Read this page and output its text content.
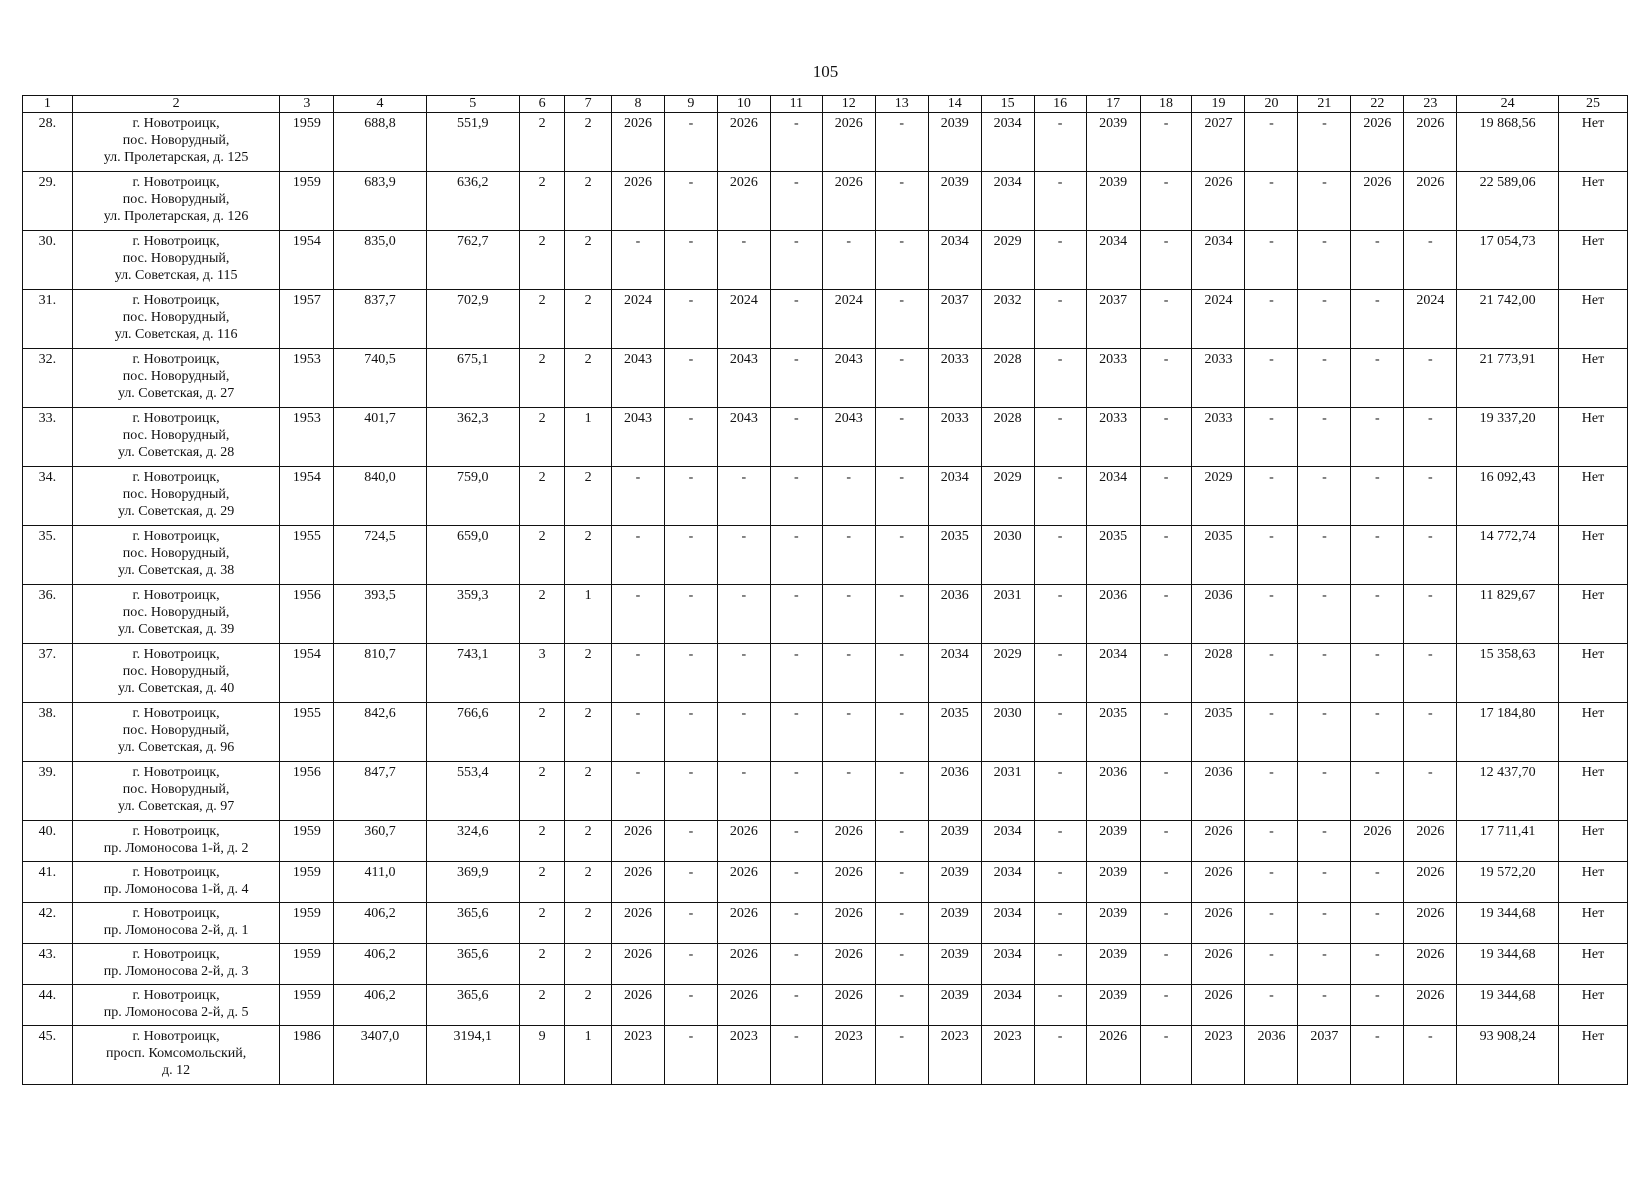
105
1	2	3	4	5	6	7	8	9	10	11	12	13	14	15	16	17	18	19	20	21	22	23	24	25
28.	г. Новотроицк,
пос. Новорудный,
ул. Пролетарская, д. 125	1959	688,8	551,9	2	2	2026	-	2026	-	2026	-	2039	2034	-	2039	-	2027	-	-	2026	2026	19 868,56	Нет
29.	г. Новотроицк,
пос. Новорудный,
ул. Пролетарская, д. 126	1959	683,9	636,2	2	2	2026	-	2026	-	2026	-	2039	2034	-	2039	-	2026	-	-	2026	2026	22 589,06	Нет
30.	г. Новотроицк,
пос. Новорудный,
ул. Советская, д. 115	1954	835,0	762,7	2	2	-	-	-	-	-	-	2034	2029	-	2034	-	2034	-	-	-	-	17 054,73	Нет
31.	г. Новотроицк,
пос. Новорудный,
ул. Советская, д. 116	1957	837,7	702,9	2	2	2024	-	2024	-	2024	-	2037	2032	-	2037	-	2024	-	-	-	2024	21 742,00	Нет
32.	г. Новотроицк,
пос. Новорудный,
ул. Советская, д. 27	1953	740,5	675,1	2	2	2043	-	2043	-	2043	-	2033	2028	-	2033	-	2033	-	-	-	-	21 773,91	Нет
33.	г. Новотроицк,
пос. Новорудный,
ул. Советская, д. 28	1953	401,7	362,3	2	1	2043	-	2043	-	2043	-	2033	2028	-	2033	-	2033	-	-	-	-	19 337,20	Нет
34.	г. Новотроицк,
пос. Новорудный,
ул. Советская, д. 29	1954	840,0	759,0	2	2	-	-	-	-	-	-	2034	2029	-	2034	-	2029	-	-	-	-	16 092,43	Нет
35.	г. Новотроицк,
пос. Новорудный,
ул. Советская, д. 38	1955	724,5	659,0	2	2	-	-	-	-	-	-	2035	2030	-	2035	-	2035	-	-	-	-	14 772,74	Нет
36.	г. Новотроицк,
пос. Новорудный,
ул. Советская, д. 39	1956	393,5	359,3	2	1	-	-	-	-	-	-	2036	2031	-	2036	-	2036	-	-	-	-	11 829,67	Нет
37.	г. Новотроицк,
пос. Новорудный,
ул. Советская, д. 40	1954	810,7	743,1	3	2	-	-	-	-	-	-	2034	2029	-	2034	-	2028	-	-	-	-	15 358,63	Нет
38.	г. Новотроицк,
пос. Новорудный,
ул. Советская, д. 96	1955	842,6	766,6	2	2	-	-	-	-	-	-	2035	2030	-	2035	-	2035	-	-	-	-	17 184,80	Нет
39.	г. Новотроицк,
пос. Новорудный,
ул. Советская, д. 97	1956	847,7	553,4	2	2	-	-	-	-	-	-	2036	2031	-	2036	-	2036	-	-	-	-	12 437,70	Нет
40.	г. Новотроицк,
пр. Ломоносова 1-й, д. 2	1959	360,7	324,6	2	2	2026	-	2026	-	2026	-	2039	2034	-	2039	-	2026	-	-	2026	2026	17 711,41	Нет
41.	г. Новотроицк,
пр. Ломоносова 1-й, д. 4	1959	411,0	369,9	2	2	2026	-	2026	-	2026	-	2039	2034	-	2039	-	2026	-	-	-	2026	19 572,20	Нет
42.	г. Новотроицк,
пр. Ломоносова 2-й, д. 1	1959	406,2	365,6	2	2	2026	-	2026	-	2026	-	2039	2034	-	2039	-	2026	-	-	-	2026	19 344,68	Нет
43.	г. Новотроицк,
пр. Ломоносова 2-й, д. 3	1959	406,2	365,6	2	2	2026	-	2026	-	2026	-	2039	2034	-	2039	-	2026	-	-	-	2026	19 344,68	Нет
44.	г. Новотроицк,
пр. Ломоносова 2-й, д. 5	1959	406,2	365,6	2	2	2026	-	2026	-	2026	-	2039	2034	-	2039	-	2026	-	-	-	2026	19 344,68	Нет
45.	г. Новотроицк,
просп. Комсомольский,
д. 12	1986	3407,0	3194,1	9	1	2023	-	2023	-	2023	-	2023	2023	-	2026	-	2023	2036	2037	-	-	93 908,24	Нет
